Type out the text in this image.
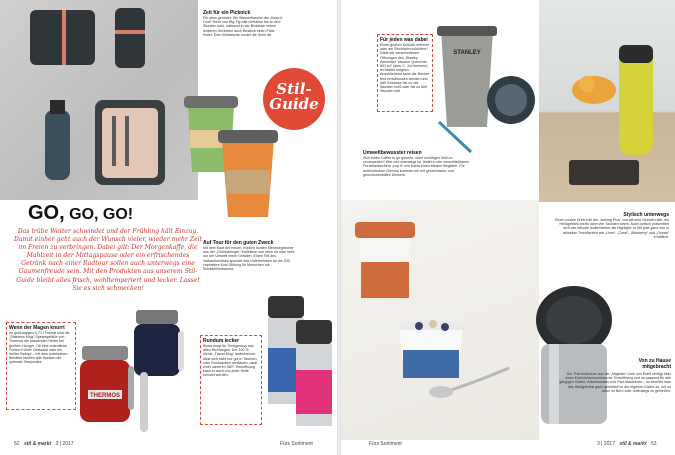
Zeit für ein Picknick
Für alles gerüstet: Die Wasserflasche der „Keep-it Cool“-Serie von Rig-Tig hält Getränke bis zu drei Stunden kühl, während in der Brotdose neben leckeren Gerichten auch Besteck einen Platz findet. Eine Kühltasche rundet die Serie ab.
Stil-
Guide
GO, GO, GO!
Das trübe Wetter schwindet und der Frühling hält Einzug. Damit einher geht auch der Wunsch vieler, wieder mehr Zeit im Freien zu verbringen. Dabei gilt: Der Morgenkaffe, die Mahlzeit in der Mittagspause oder ein erfrischendes Getränk nach einer Radtour sollen auch unterwegs eine Gaumenfreude sein. Mit den Produkten aus unserem Stil-Guide bleibt alles frisch, wohltemperiert und lecker. Lasset Sie es sich schmecken!
Auf Tour für den guten Zweck
Mit dem Kauf der neuen, fröhlich bunten Mehrwegbecher aus der „Glücksbringer“-Kollektion von ebos tut man nicht nur der Umwelt einen Gefallen. Einen Teil des Verkaufserlöses spendet das Unternehmen an die 200 Hannelore Kohl Stiftung für Menschen mit Schädelhirntrauma.
Wenn der Magen knurrt
Im großzügigen 0,71 l Format sind die „Stainless King“-Speisegefäße von Thermos die passenden Helfer bei großem Hunger. Ob eine ordentliche Portion Kühler Obstsalat oder ein heißer Eintopf – mit dem praktischen Behälter bleiben alle Speisen die optimale Temperatur.
THERMOS
Rundum lecker
Emsa sorgt für Trinkgenuss aus allen Richtungen: Der 100 % dichte „Travel Mug“ Isolierbecher lässt sich nicht nur gut in Taschen oder Rucksäcken verstauen, dank einer cleveren 360°-Trinköffnung kann er auch von jeder Seite benutzt werden.
52 stil & markt 3 | 2017	Fürs Sortiment
STANLEY
Für jeden was dabei
Einen großen Schluck nehmen oder am Strohhalm schlürfen? Dank der verschiedenen Öffnungen des „Stanley Adventure Vacuum Quencher 591 ml“ (über C. Jul Herbertz) ist beides möglich. Anschließend kann der Becher fest verschlossen werden und hält Getränke bis zu vier Stunden heiß oder bis zu fünf Stunden kalt.
Umweltbewusster reisen
Sich einen Coffee to go gönnen, ohne unnötigen Müll zu verursachen? Wer viel unterwegs ist, findet in den verschließbaren Porzellanbechern „cup it“ von Kahla einen idealen Begleiter. Für authentischen Genuss kommen sie mit geschmacks- und geruchsneutralen Deckeln.
Stylisch unterwegs
Einen coolen Drink hält der „Isoking Plus“ von alfi acht Stunden kalt, ein Heißgetränk bleibt dann vier Stunden warm. Auch optisch präsentiert sich der robuste Isolierbecher als Highlight: In Mit jetzt ganz neu in aktuellen Trendfarben wie „Lime“, „Coral“, „Blueberry“ und „Ocean“ erhältlich.
Von zu Hause mitgebracht
Der Thermobecher aus der „Majestic“-Linie von Esbit verfügt über einen Edelstahlverschluss mit Trinköffnung und ist passend für alle gängigen Kaffee-Vollautomaten und Pad-Maschinen – so bereitet man das Heißgetränk ganz gemütlich in der eigenen Küche zu, um es dann im Büro oder unterwegs zu genießen.
Fürs Sortiment	3 | 2017 stil & markt 53
